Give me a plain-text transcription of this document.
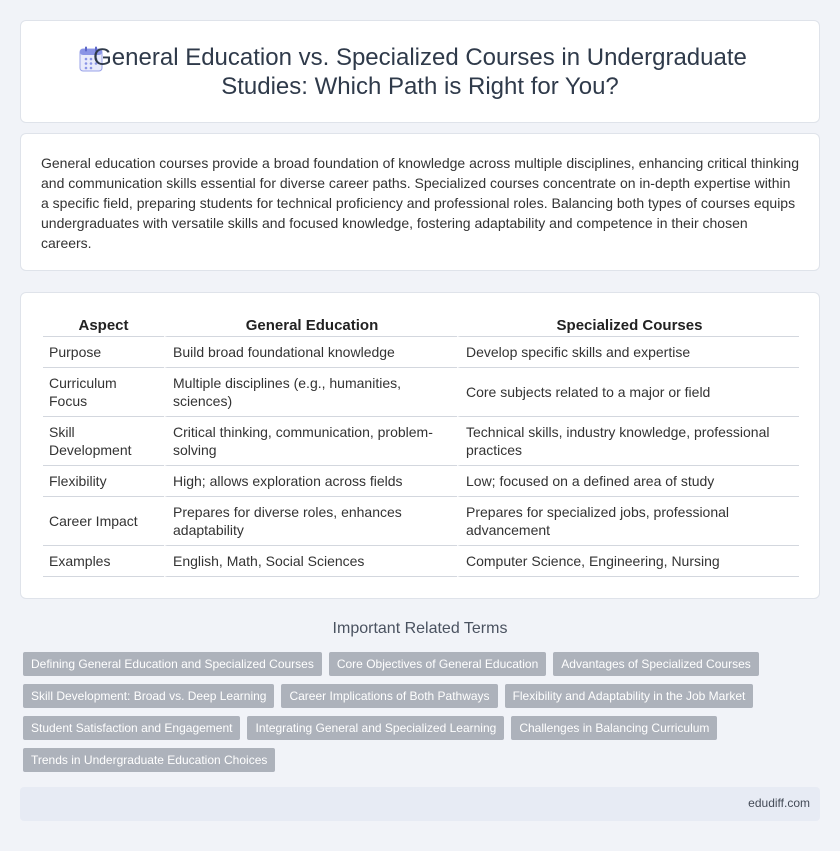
General Education vs. Specialized Courses in Undergraduate Studies: Which Path is Right for You?

General education courses provide a broad foundation of knowledge across multiple disciplines, enhancing critical thinking and communication skills essential for diverse career paths. Specialized courses concentrate on in-depth expertise within a specific field, preparing students for technical proficiency and professional roles. Balancing both types of courses equips undergraduates with versatile skills and focused knowledge, fostering adaptability and competence in their chosen careers.

Aspect	General Education	Specialized Courses
Purpose	Build broad foundational knowledge	Develop specific skills and expertise
Curriculum Focus	Multiple disciplines (e.g., humanities, sciences)	Core subjects related to a major or field
Skill Development	Critical thinking, communication, problem-solving	Technical skills, industry knowledge, professional practices
Flexibility	High; allows exploration across fields	Low; focused on a defined area of study
Career Impact	Prepares for diverse roles, enhances adaptability	Prepares for specialized jobs, professional advancement
Examples	English, Math, Social Sciences	Computer Science, Engineering, Nursing
Important Related Terms
Defining General Education and Specialized Courses	Core Objectives of General Education	Advantages of Specialized Courses
Skill Development: Broad vs. Deep Learning	Career Implications of Both Pathways	Flexibility and Adaptability in the Job Market
Student Satisfaction and Engagement	Integrating General and Specialized Learning	Challenges in Balancing Curriculum
Trends in Undergraduate Education Choices
edudiff.com
